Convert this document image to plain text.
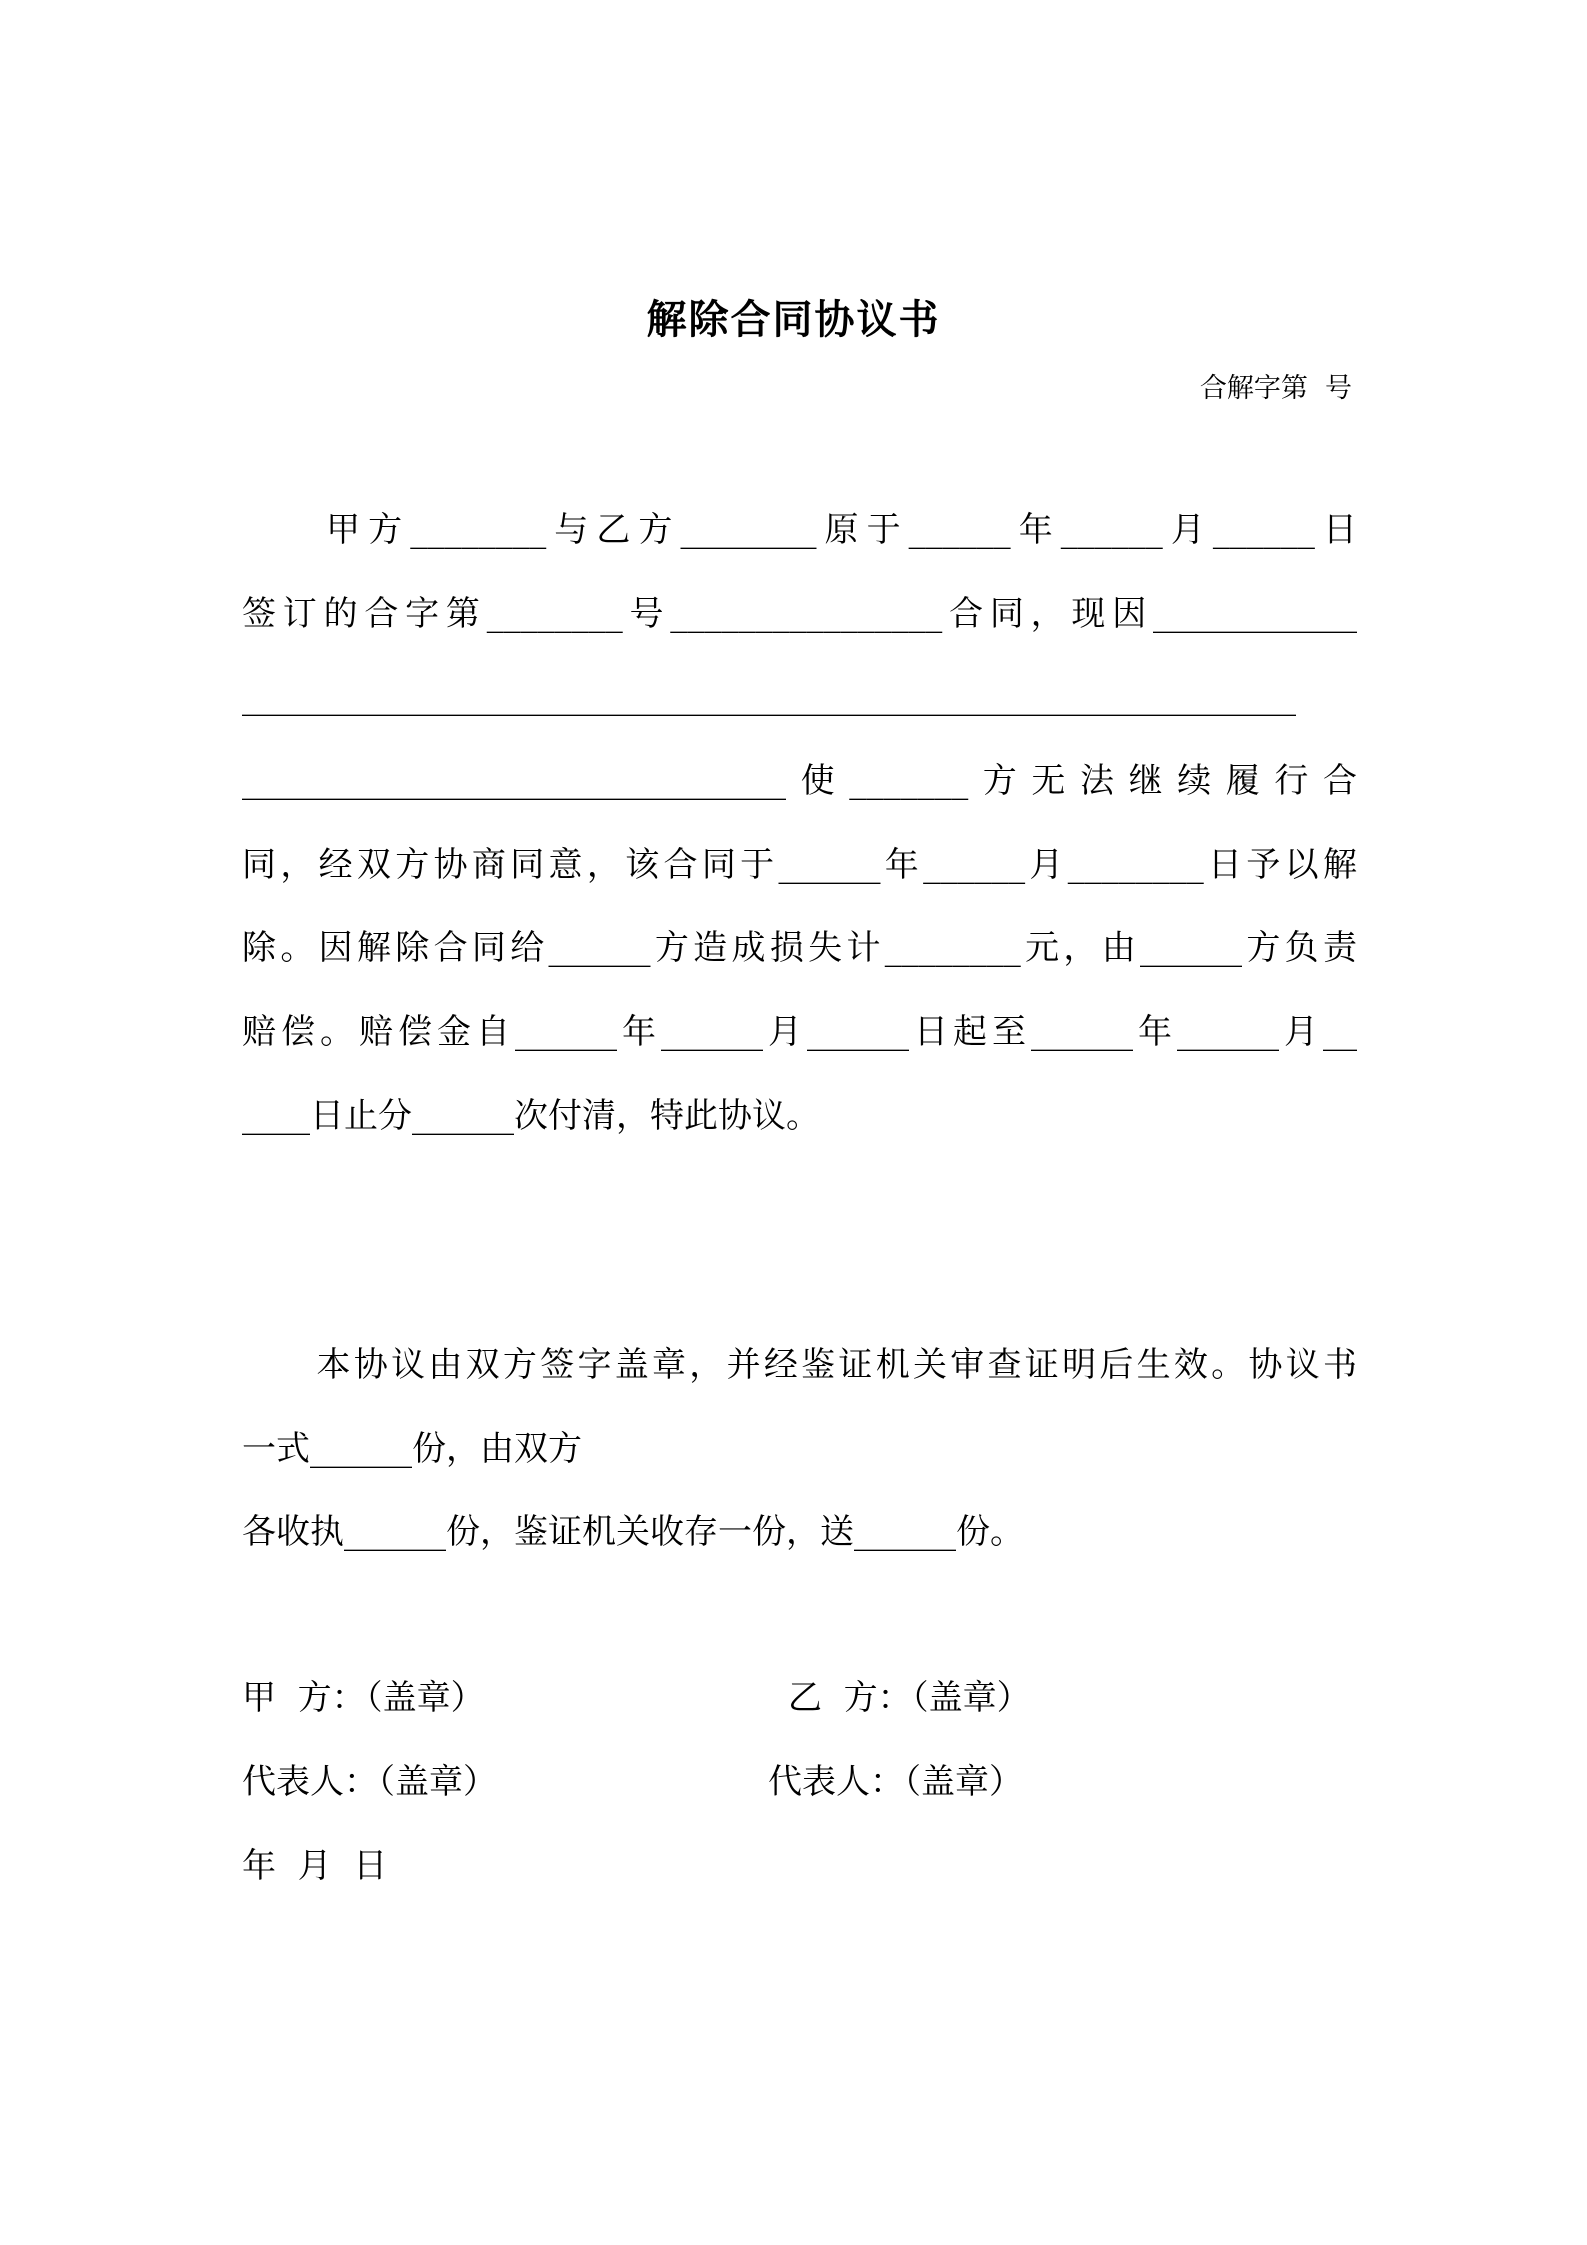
解除合同协议书
合解字第  号
　　甲方________与乙方________原于______年______月______日
签订的合字第________号________________合同，现因____________
______________________________________________________________
________________________________使_______方无法继续履行合
同，经双方协商同意，该合同于______年______月________日予以解
除。因解除合同给______方造成损失计________元，由______方负责
赔偿。赔偿金自______年______月______日起至______年______月__
____日止分______次付清，特此协议。
　　本协议由双方签字盖章，并经鉴证机关审查证明后生效。协议书
一式______份，由双方
各收执______份，鉴证机关收存一份，送______份。
甲  方：（盖章）	乙  方：（盖章）
代表人：（盖章）	代表人：（盖章）
年  月  日
